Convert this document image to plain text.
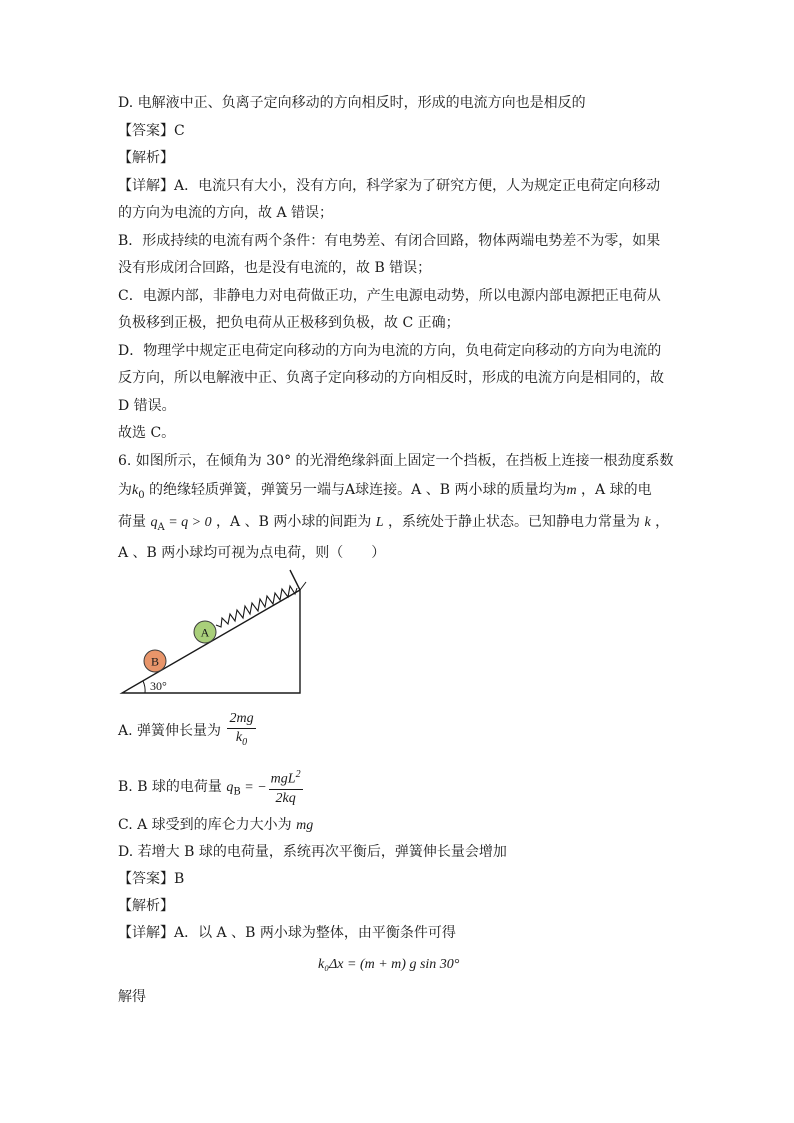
D. 电解液中正、负离子定向移动的方向相反时，形成的电流方向也是相反的
【答案】C
【解析】
【详解】A．电流只有大小，没有方向，科学家为了研究方便，人为规定正电荷定向移动
的方向为电流的方向，故 A 错误；
B．形成持续的电流有两个条件：有电势差、有闭合回路，物体两端电势差不为零，如果
没有形成闭合回路，也是没有电流的，故 B 错误；
C．电源内部，非静电力对电荷做正功，产生电源电动势，所以电源内部电源把正电荷从
负极移到正极，把负电荷从正极移到负极，故 C 正确；
D．物理学中规定正电荷定向移动的方向为电流的方向，负电荷定向移动的方向为电流的
反方向，所以电解液中正、负离子定向移动的方向相反时，形成的电流方向是相同的，故
D 错误。
故选 C。
6. 如图所示，在倾角为 30° 的光滑绝缘斜面上固定一个挡板，在挡板上连接一根劲度系数
为$k_0$ 的绝缘轻质弹簧，弹簧另一端与A球连接。A 、B 两小球的质量均为m ，A 球的电
荷量 $q_A = q > 0$ ，A 、B 两小球的间距为 L ，系统处于静止状态。已知静电力常量为 k ，
A 、B 两小球均可视为点电荷，则（　　）
A
B
30°
A. 弹簧伸长量为 $\frac{2mg}{k_0}$
B. B 球的电荷量 $q_B$ = − $\frac{mgL^2}{2kq}$
C. A 球受到的库仑力大小为 mg
D. 若增大 B 球的电荷量，系统再次平衡后，弹簧伸长量会增加
【答案】B
【解析】
【详解】A．以 A 、B 两小球为整体，由平衡条件可得
k₀Δx = (m + m) g sin 30°
解得
